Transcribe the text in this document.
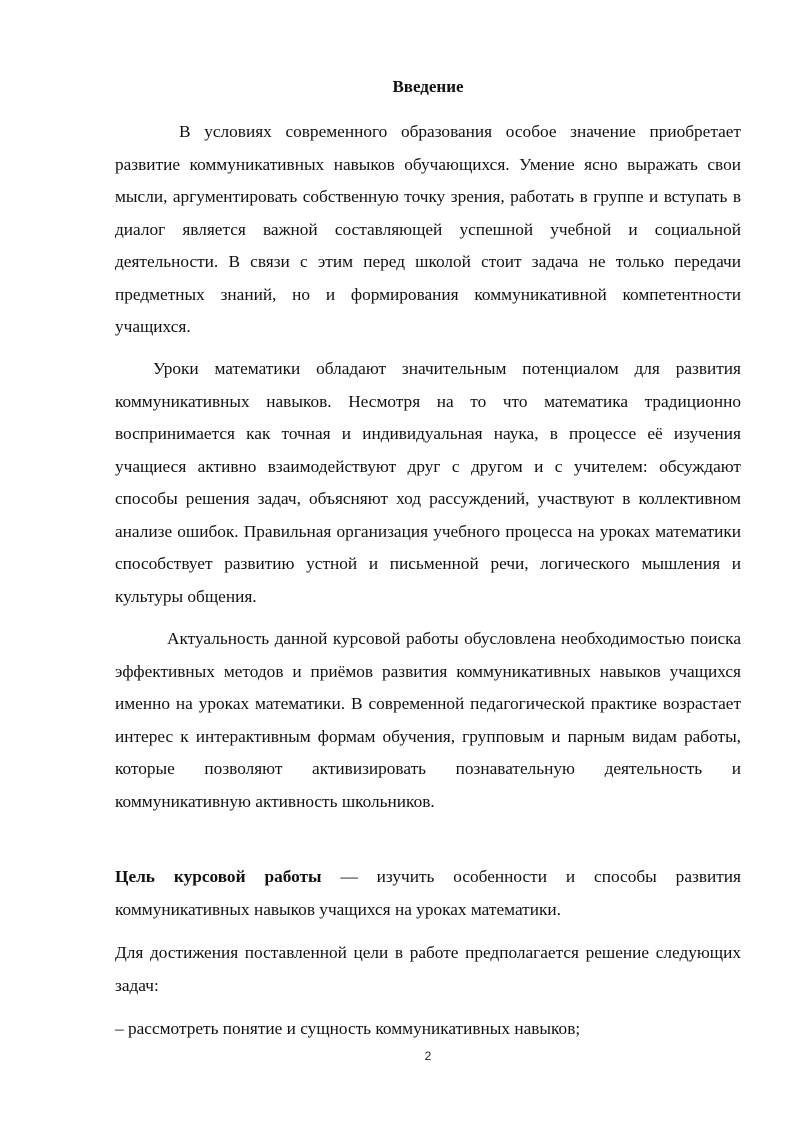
Введение

В условиях современного образования особое значение приобретает развитие коммуникативных навыков обучающихся. Умение ясно выражать свои мысли, аргументировать собственную точку зрения, работать в группе и вступать в диалог является важной составляющей успешной учебной и социальной деятельности. В связи с этим перед школой стоит задача не только передачи предметных знаний, но и формирования коммуникативной компетентности учащихся.

Уроки математики обладают значительным потенциалом для развития коммуникативных навыков. Несмотря на то что математика традиционно воспринимается как точная и индивидуальная наука, в процессе её изучения учащиеся активно взаимодействуют друг с другом и с учителем: обсуждают способы решения задач, объясняют ход рассуждений, участвуют в коллективном анализе ошибок. Правильная организация учебного процесса на уроках математики способствует развитию устной и письменной речи, логического мышления и культуры общения.

Актуальность данной курсовой работы обусловлена необходимостью поиска эффективных методов и приёмов развития коммуникативных навыков учащихся именно на уроках математики. В современной педагогической практике возрастает интерес к интерактивным формам обучения, групповым и парным видам работы, которые позволяют активизировать познавательную деятельность и коммуникативную активность школьников.

Цель курсовой работы — изучить особенности и способы развития коммуникативных навыков учащихся на уроках математики.

Для достижения поставленной цели в работе предполагается решение следующих задач:

– рассмотреть понятие и сущность коммуникативных навыков;

2
